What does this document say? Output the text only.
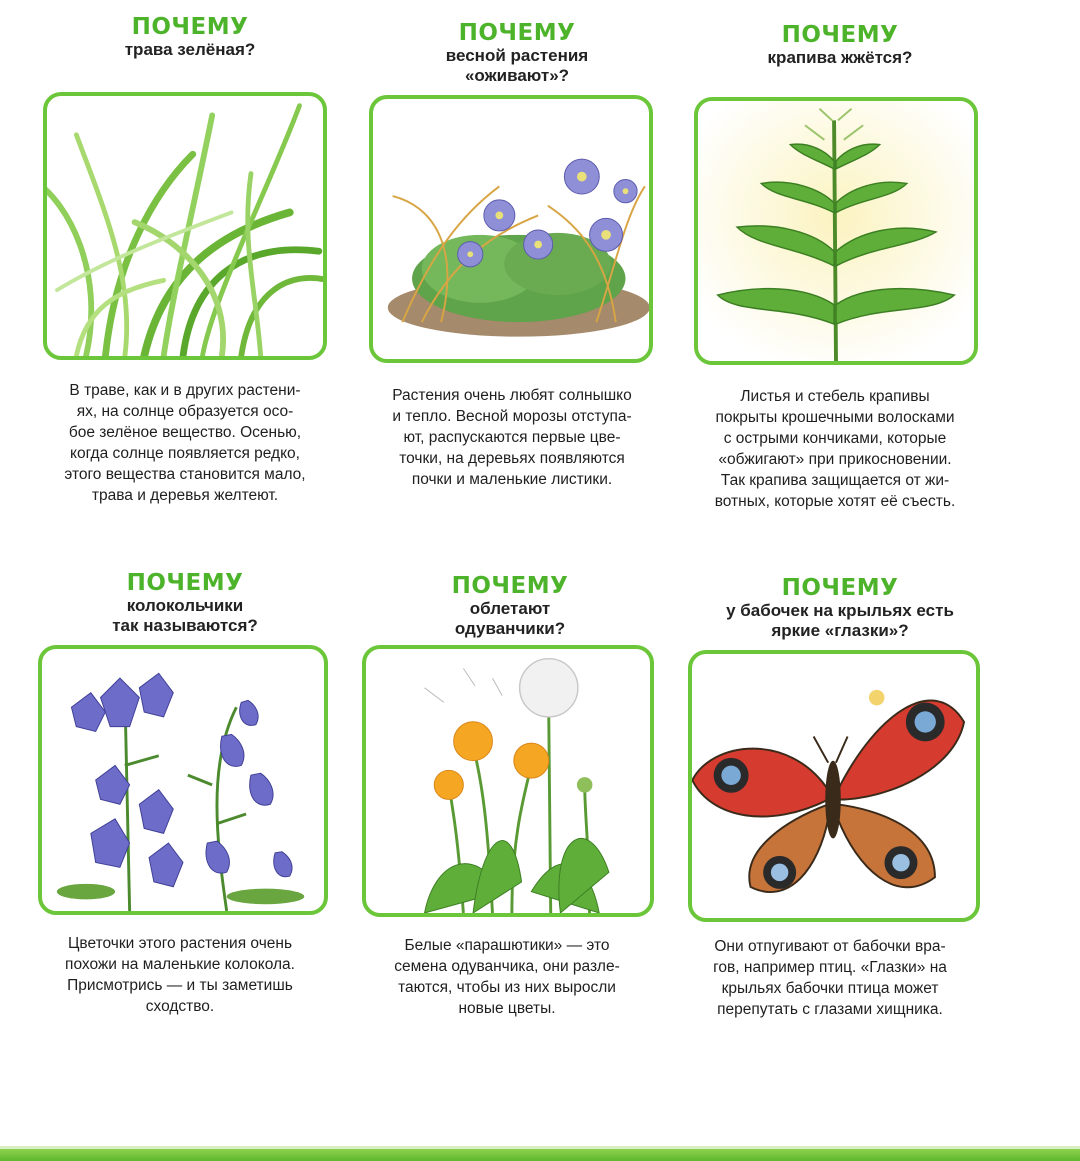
ПОЧЕМУ
трава зелёная?
В траве, как и в других растени-
ях, на солнце образуется осо-
бое зелёное вещество. Осенью,
когда солнце появляется редко,
этого вещества становится мало,
трава и деревья желтеют.
ПОЧЕМУ
весной растения
«оживают»?
Растения очень любят солнышко
и тепло. Весной морозы отступа-
ют, распускаются первые цве-
точки, на деревьях появляются
почки и маленькие листики.
ПОЧЕМУ
крапива жжётся?
Листья и стебель крапивы
покрыты крошечными волосками
с острыми кончиками, которые
«обжигают» при прикосновении.
Так крапива защищается от жи-
вотных, которые хотят её съесть.
ПОЧЕМУ
колокольчики
так называются?
Цветочки этого растения очень
похожи на маленькие колокола.
Присмотрись — и ты заметишь
сходство.
ПОЧЕМУ
облетают
одуванчики?
Белые «парашютики» — это
семена одуванчика, они разле-
таются, чтобы из них выросли
новые цветы.
ПОЧЕМУ
у бабочек на крыльях есть
яркие «глазки»?
Они отпугивают от бабочки вра-
гов, например птиц. «Глазки» на
крыльях бабочки птица может
перепутать с глазами хищника.
